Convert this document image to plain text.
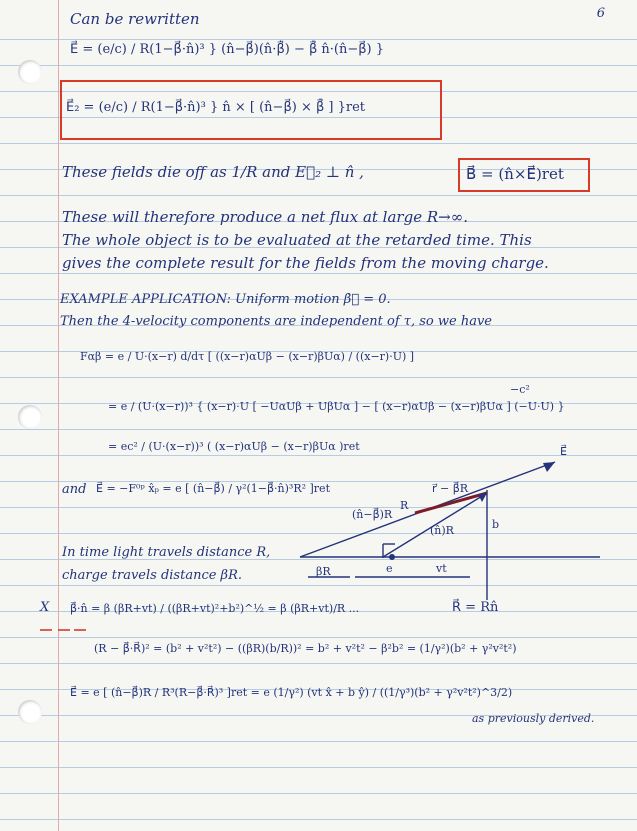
6
Can be rewritten
E⃗ = (e/c) / R(1−β⃗·n̂)³ } (n̂−β⃗)(n̂·β̇⃗) − β̇⃗ n̂·(n̂−β⃗) }
E⃗₂ = (e/c) / R(1−β⃗·n̂)³ } n̂ × [ (n̂−β⃗) × β̇⃗ ] }ret
These fields die off as 1/R and E⃗₂ ⊥ n̂ ,	B⃗ = (n̂×E⃗)ret
These will therefore produce a net flux at large R→∞.
The whole object is to be evaluated at the retarded time. This
gives the complete result for the fields from the moving charge.
EXAMPLE APPLICATION: Uniform motion β̇⃗ = 0.
Then the 4-velocity components are independent of τ, so we have
Fαβ = e / U·(x−r) d/dτ [ ((x−r)αUβ − (x−r)βUα) / ((x−r)·U) ]
−c²
= e / (U·(x−r))³ { (x−r)·U [ −UαUβ + UβUα ] − [ (x−r)αUβ − (x−r)βUα ] (−U·U) }
= ec² / (U·(x−r))³ ( (x−r)αUβ − (x−r)βUα )ret
and E⃗ = −F⁰ᵖ x̂ₚ = e [ (n̂−β⃗) / γ²(1−β⃗·n̂)³R² ]ret
E⃗
r⃗ − β⃗R
(n̂−β⃗)R
R
(n̂)R	b
βR	e	vt
In time light travels distance R,
charge travels distance βR.
X β⃗·n̂ = β (βR+vt) / ((βR+vt)²+b²)^½ = β (βR+vt)/R ...	R⃗ = Rn̂
(R − β⃗·R⃗)² = (b² + v²t²) − ((βR)(b/R))² = b² + v²t² − β²b² = (1/γ²)(b² + γ²v²t²)
E⃗ = e [ (n̂−β⃗)R / R³(R−β⃗·R⃗)³ ]ret = e (1/γ²) (vt x̂ + b ŷ) / ((1/γ³)(b² + γ²v²t²)^3/2)
as previously derived.
